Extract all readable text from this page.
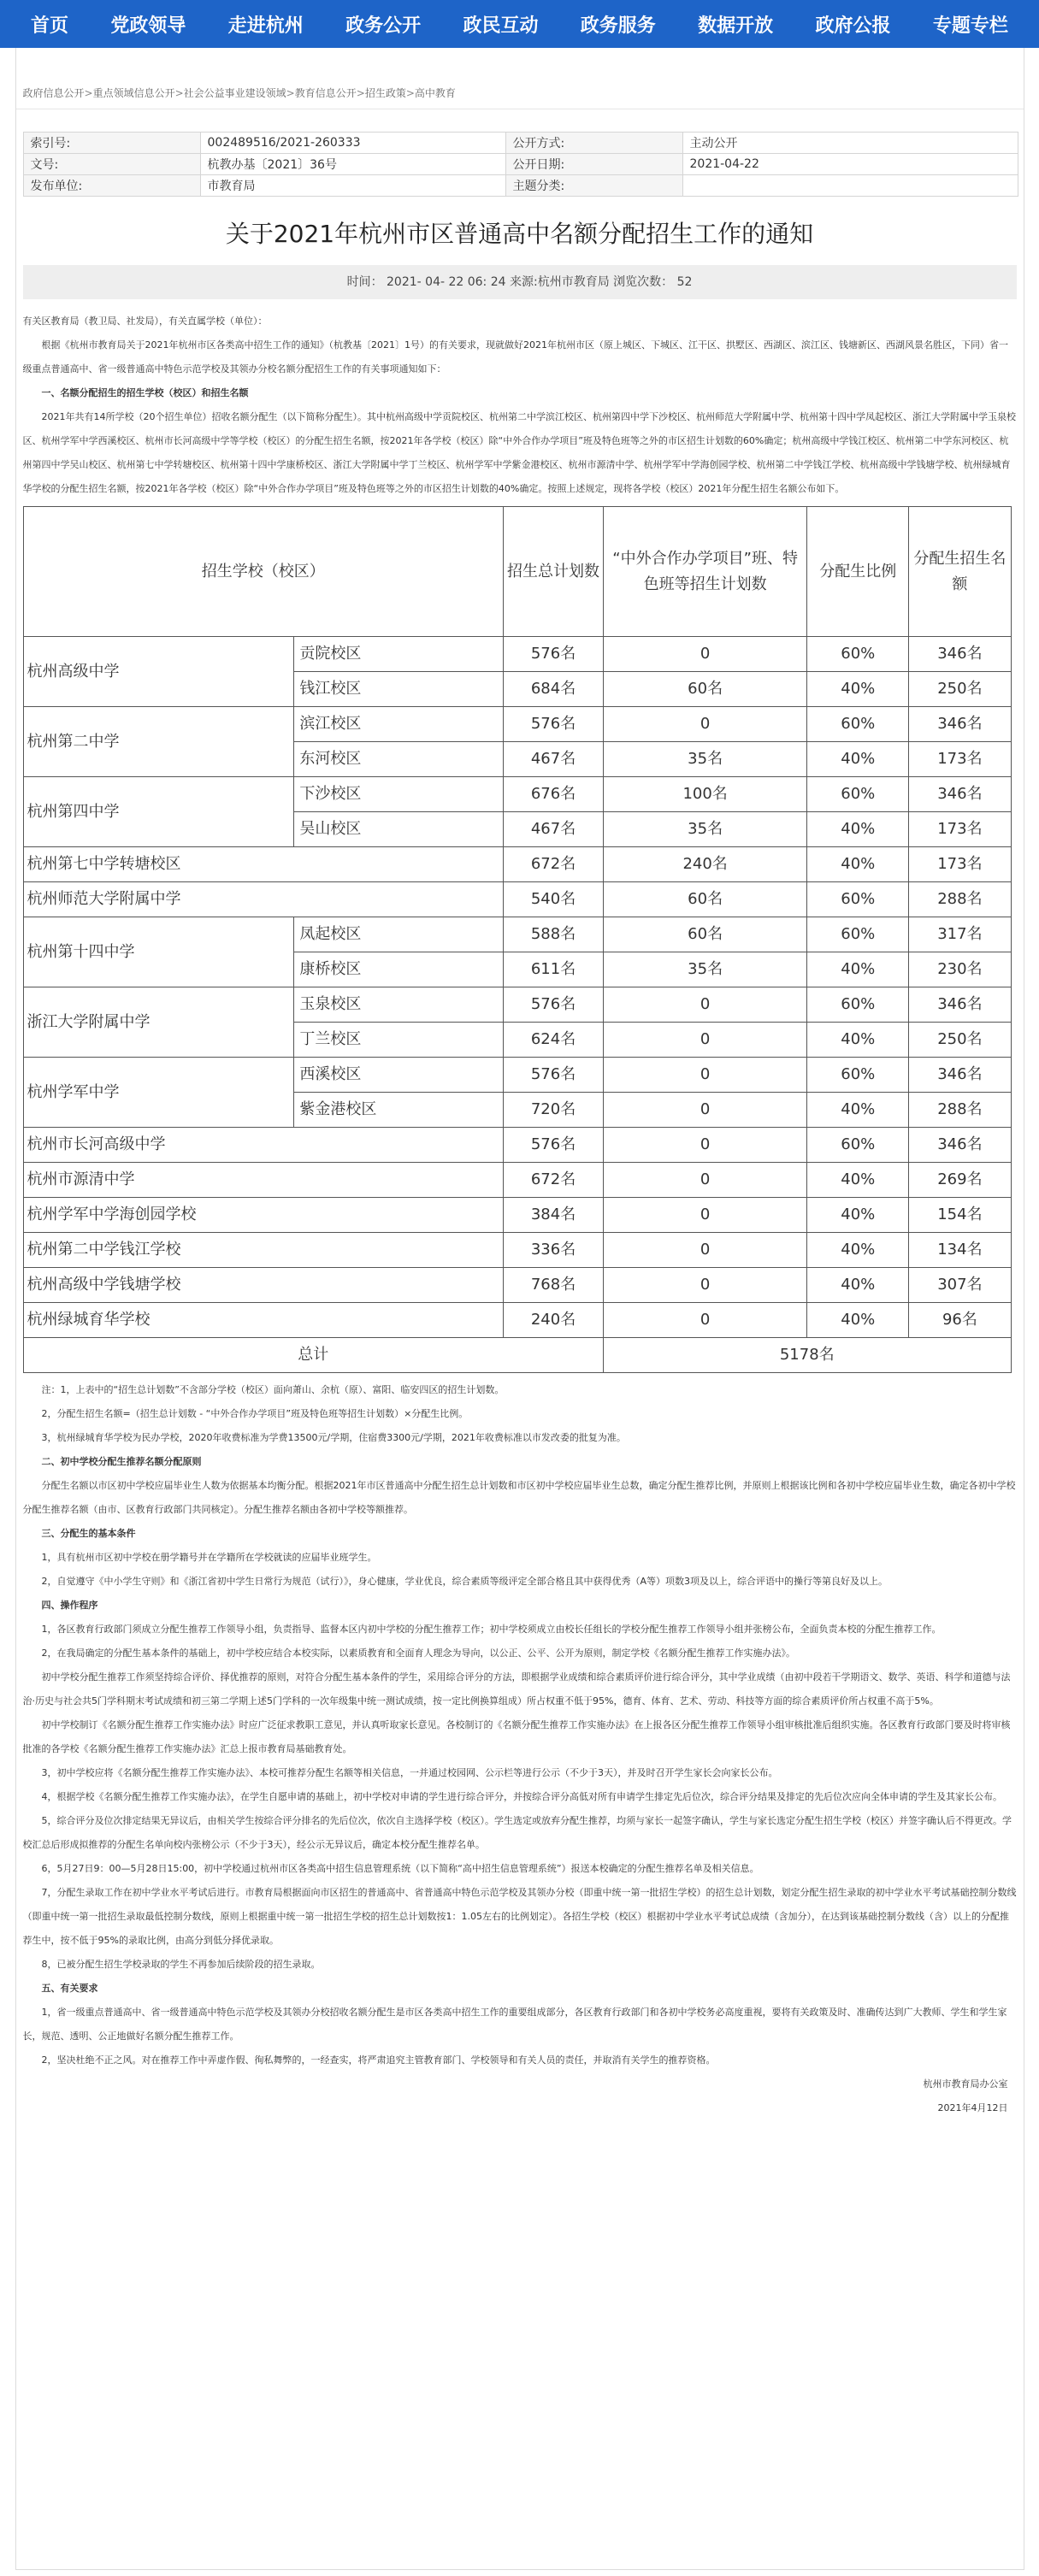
首页	党政领导	走进杭州	政务公开	政民互动	政务服务	数据开放	政府公报	专题专栏
政府信息公开>重点领域信息公开>社会公益事业建设领域>教育信息公开>招生政策>高中教育
索引号:	002489516/2021-260333	公开方式:	主动公开
文号:	杭教办基〔2021〕36号	公开日期:	2021-04-22
发布单位:	市教育局	主题分类:	
关于2021年杭州市区普通高中名额分配招生工作的通知
时间： 2021- 04- 22 06: 24 来源:杭州市教育局 浏览次数： 52

有关区教育局（教卫局、社发局），有关直属学校（单位）：

根据《杭州市教育局关于2021年杭州市区各类高中招生工作的通知》（杭教基〔2021〕1号）的有关要求，现就做好2021年杭州市区（原上城区、下城区、江干区、拱墅区、西湖区、滨江区、钱塘新区、西湖风景名胜区，下同）省一级重点普通高中、省一级普通高中特色示范学校及其领办分校名额分配招生工作的有关事项通知如下：

一、名额分配招生的招生学校（校区）和招生名额

2021年共有14所学校（20个招生单位）招收名额分配生（以下简称分配生）。其中杭州高级中学贡院校区、杭州第二中学滨江校区、杭州第四中学下沙校区、杭州师范大学附属中学、杭州第十四中学凤起校区、浙江大学附属中学玉泉校区、杭州学军中学西溪校区、杭州市长河高级中学等学校（校区）的分配生招生名额，按2021年各学校（校区）除“中外合作办学项目”班及特色班等之外的市区招生计划数的60%确定；杭州高级中学钱江校区、杭州第二中学东河校区、杭州第四中学吴山校区、杭州第七中学转塘校区、杭州第十四中学康桥校区、浙江大学附属中学丁兰校区、杭州学军中学紫金港校区、杭州市源清中学、杭州学军中学海创园学校、杭州第二中学钱江学校、杭州高级中学钱塘学校、杭州绿城育华学校的分配生招生名额，按2021年各学校（校区）除“中外合作办学项目”班及特色班等之外的市区招生计划数的40%确定。按照上述规定，现将各学校（校区）2021年分配生招生名额公布如下。

招生学校（校区）		招生总计划数	“中外合作办学项目”班、特色班等招生计划数	分配生比例	分配生招生名额
杭州高级中学	贡院校区	576名	0	60%	346名
	钱江校区	684名	60名	40%	250名
杭州第二中学	滨江校区	576名	0	60%	346名
	东河校区	467名	35名	40%	173名
杭州第四中学	下沙校区	676名	100名	60%	346名
	吴山校区	467名	35名	40%	173名
杭州第七中学转塘校区		672名	240名	40%	173名
杭州师范大学附属中学		540名	60名	60%	288名
杭州第十四中学	凤起校区	588名	60名	60%	317名
	康桥校区	611名	35名	40%	230名
浙江大学附属中学	玉泉校区	576名	0	60%	346名
	丁兰校区	624名	0	40%	250名
杭州学军中学	西溪校区	576名	0	60%	346名
	紫金港校区	720名	0	40%	288名
杭州市长河高级中学		576名	0	60%	346名
杭州市源清中学		672名	0	40%	269名
杭州学军中学海创园学校		384名	0	40%	154名
杭州第二中学钱江学校		336名	0	40%	134名
杭州高级中学钱塘学校		768名	0	40%	307名
杭州绿城育华学校		240名	0	40%	96名
总计			5178名		

注：1，上表中的“招生总计划数”不含部分学校（校区）面向萧山、余杭（原）、富阳、临安四区的招生计划数。

2，分配生招生名额=（招生总计划数 - “中外合作办学项目”班及特色班等招生计划数）×分配生比例。

3，杭州绿城育华学校为民办学校，2020年收费标准为学费13500元/学期，住宿费3300元/学期，2021年收费标准以市发改委的批复为准。

二、初中学校分配生推荐名额分配原则

分配生名额以市区初中学校应届毕业生人数为依据基本均衡分配。根据2021年市区普通高中分配生招生总计划数和市区初中学校应届毕业生总数，确定分配生推荐比例，并原则上根据该比例和各初中学校应届毕业生数，确定各初中学校分配生推荐名额（由市、区教育行政部门共同核定）。分配生推荐名额由各初中学校等额推荐。

三、分配生的基本条件

1，具有杭州市区初中学校在册学籍号并在学籍所在学校就读的应届毕业班学生。

2，自觉遵守《中小学生守则》和《浙江省初中学生日常行为规范（试行）》，身心健康，学业优良，综合素质等级评定全部合格且其中获得优秀（A等）项数3项及以上，综合评语中的操行等第良好及以上。

四、操作程序

1，各区教育行政部门须成立分配生推荐工作领导小组，负责指导、监督本区内初中学校的分配生推荐工作；初中学校须成立由校长任组长的学校分配生推荐工作领导小组并张榜公布，全面负责本校的分配生推荐工作。

2，在我局确定的分配生基本条件的基础上，初中学校应结合本校实际，以素质教育和全面育人理念为导向，以公正、公平、公开为原则，制定学校《名额分配生推荐工作实施办法》。

初中学校分配生推荐工作须坚持综合评价、择优推荐的原则，对符合分配生基本条件的学生，采用综合评分的方法，即根据学业成绩和综合素质评价进行综合评分，其中学业成绩（由初中段若干学期语文、数学、英语、科学和道德与法治·历史与社会共5门学科期末考试成绩和初三第二学期上述5门学科的一次年级集中统一测试成绩，按一定比例换算组成）所占权重不低于95%，德育、体育、艺术、劳动、科技等方面的综合素质评价所占权重不高于5%。

初中学校制订《名额分配生推荐工作实施办法》时应广泛征求教职工意见，并认真听取家长意见。各校制订的《名额分配生推荐工作实施办法》在上报各区分配生推荐工作领导小组审核批准后组织实施。各区教育行政部门要及时将审核批准的各学校《名额分配生推荐工作实施办法》汇总上报市教育局基础教育处。

3，初中学校应将《名额分配生推荐工作实施办法》、本校可推荐分配生名额等相关信息，一并通过校园网、公示栏等进行公示（不少于3天），并及时召开学生家长会向家长公布。

4，根据学校《名额分配生推荐工作实施办法》，在学生自愿申请的基础上，初中学校对申请的学生进行综合评分，并按综合评分高低对所有申请学生排定先后位次，综合评分结果及排定的先后位次应向全体申请的学生及其家长公布。

5，综合评分及位次排定结果无异议后，由相关学生按综合评分排名的先后位次，依次自主选择学校（校区）。学生选定或放弃分配生推荐，均须与家长一起签字确认，学生与家长选定分配生招生学校（校区）并签字确认后不得更改。学校汇总后形成拟推荐的分配生名单向校内张榜公示（不少于3天），经公示无异议后，确定本校分配生推荐名单。

6，5月27日9：00—5月28日15:00，初中学校通过杭州市区各类高中招生信息管理系统（以下简称“高中招生信息管理系统”）报送本校确定的分配生推荐名单及相关信息。

7，分配生录取工作在初中学业水平考试后进行。市教育局根据面向市区招生的普通高中、省普通高中特色示范学校及其领办分校（即重中统一第一批招生学校）的招生总计划数，划定分配生招生录取的初中学业水平考试基础控制分数线（即重中统一第一批招生录取最低控制分数线，原则上根据重中统一第一批招生学校的招生总计划数按1：1.05左右的比例划定）。各招生学校（校区）根据初中学业水平考试总成绩（含加分），在达到该基础控制分数线（含）以上的分配推荐生中，按不低于95%的录取比例，由高分到低分择优录取。

8，已被分配生招生学校录取的学生不再参加后续阶段的招生录取。

五、有关要求

1，省一级重点普通高中、省一级普通高中特色示范学校及其领办分校招收名额分配生是市区各类高中招生工作的重要组成部分，各区教育行政部门和各初中学校务必高度重视，要将有关政策及时、准确传达到广大教师、学生和学生家长，规范、透明、公正地做好名额分配生推荐工作。

2，坚决杜绝不正之风。对在推荐工作中弄虚作假、徇私舞弊的，一经查实，将严肃追究主管教育部门、学校领导和有关人员的责任，并取消有关学生的推荐资格。

杭州市教育局办公室

2021年4月12日
